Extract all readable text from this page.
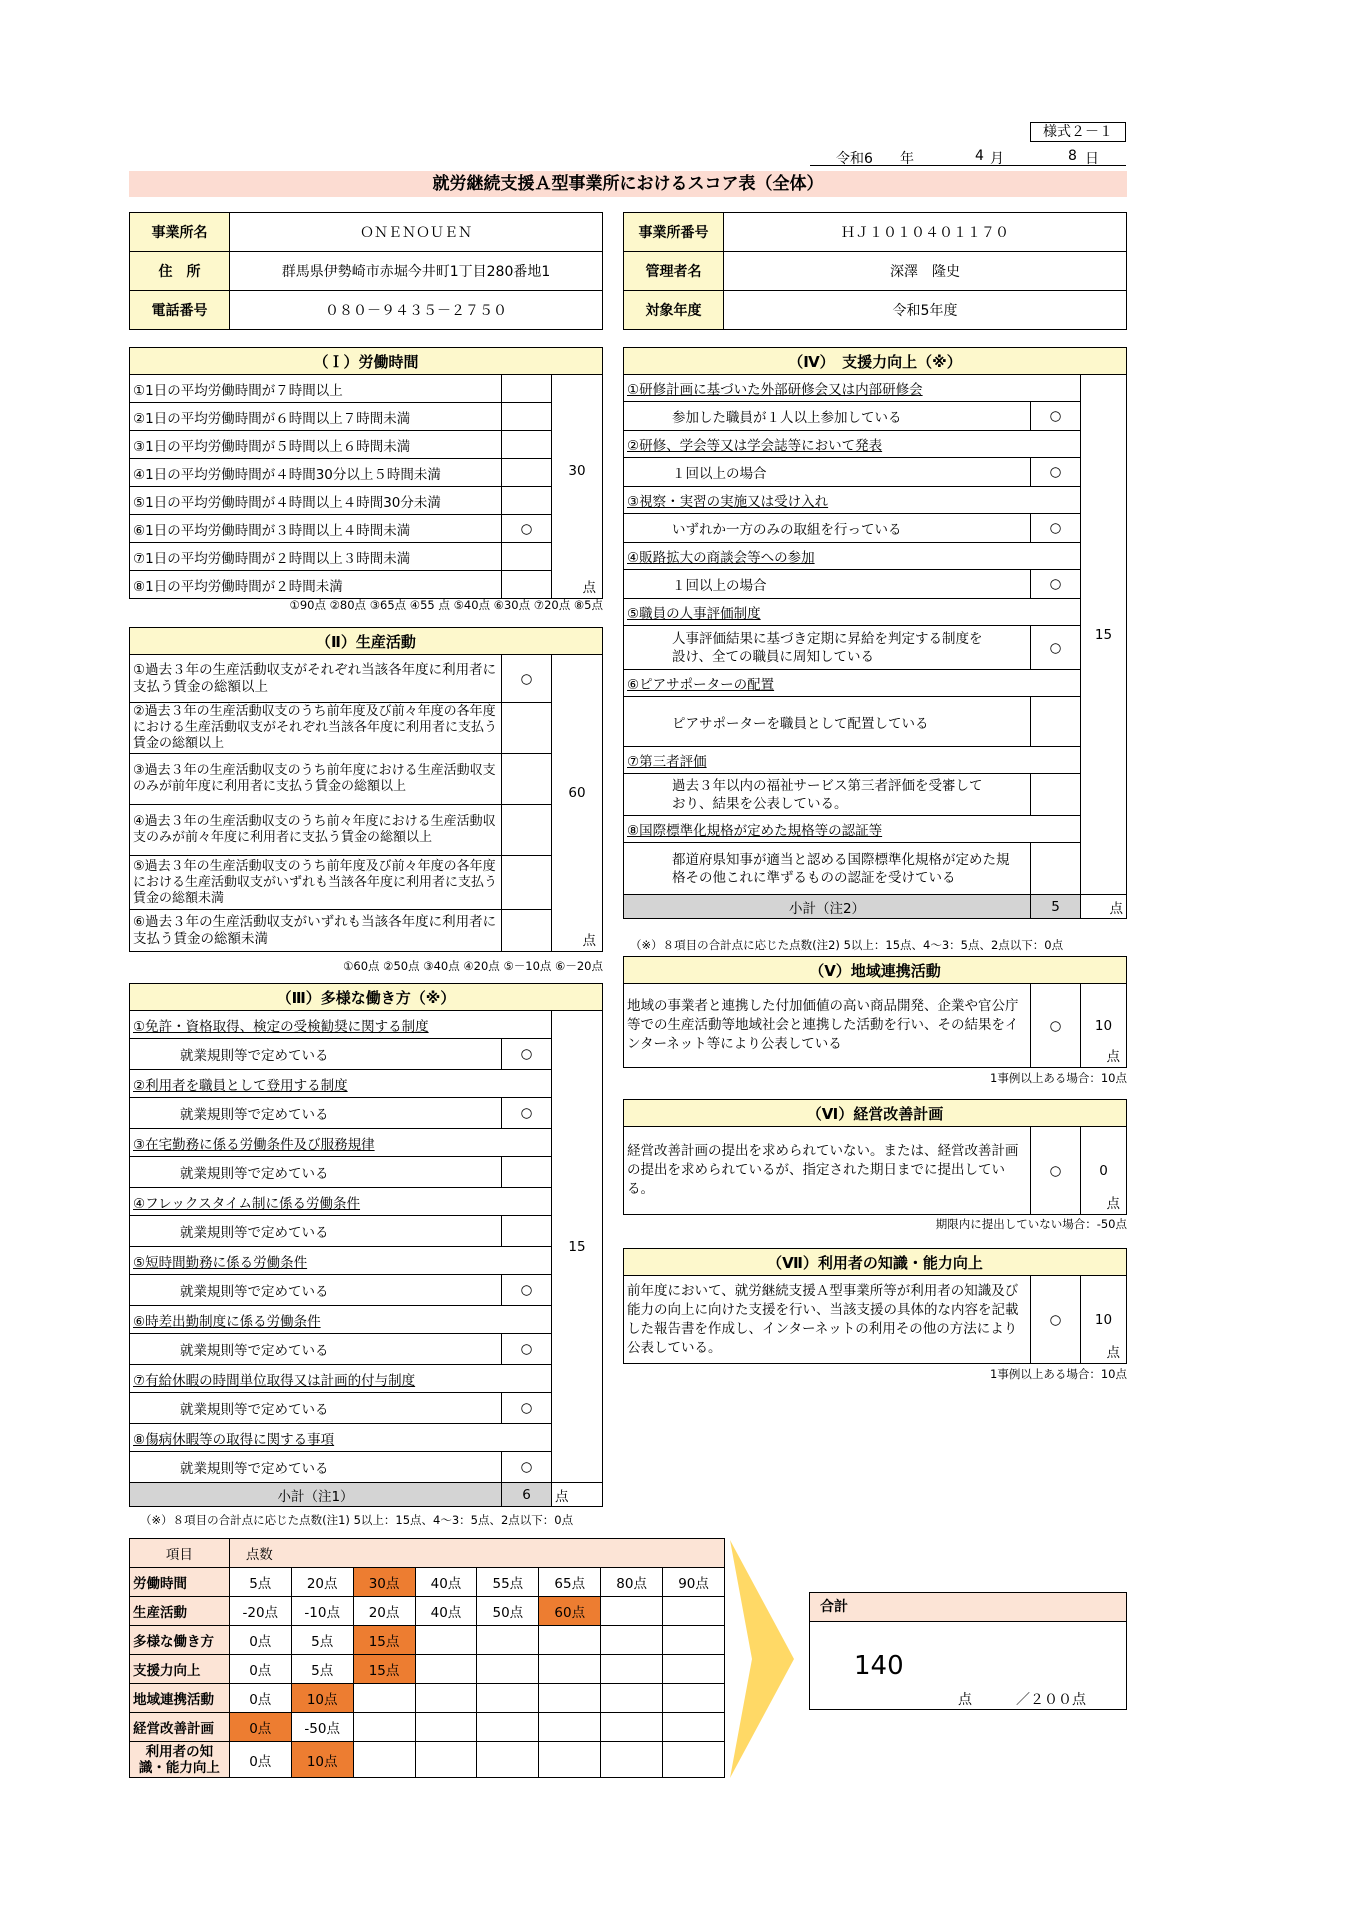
様式２－１
令和6 年	4 月	8 日
就労継続支援Ａ型事業所におけるスコア表（全体）
事業所名	ＯＮＥＮＯＵＥＮ
住　所	群馬県伊勢崎市赤堀今井町1丁目280番地1
電話番号	０８０－９４３５－２７５０
事業所番号	ＨＪ１０１０４０１１７０
管理者名	深澤　隆史
対象年度	令和5年度
（Ｉ）労働時間		
①1日の平均労働時間が７時間以上		30
点

②1日の平均労働時間が６時間以上７時間未満		
③1日の平均労働時間が５時間以上６時間未満		
④1日の平均労働時間が４時間30分以上５時間未満		
⑤1日の平均労働時間が４時間以上４時間30分未満		
⑥1日の平均労働時間が３時間以上４時間未満	○	
⑦1日の平均労働時間が２時間以上３時間未満		
⑧1日の平均労働時間が２時間未満		
①90点 ②80点 ③65点 ④55 点 ⑤40点 ⑥30点 ⑦20点 ⑧5点
（Ⅱ）生産活動		
①過去３年の生産活動収支がそれぞれ当該各年度に利用者に支払う賃金の総額以上	○	60
点

②過去３年の生産活動収支のうち前年度及び前々年度の各年度における生産活動収支がそれぞれ当該各年度に利用者に支払う賃金の総額以上		
③過去３年の生産活動収支のうち前年度における生産活動収支のみが前年度に利用者に支払う賃金の総額以上		
④過去３年の生産活動収支のうち前々年度における生産活動収支のみが前々年度に利用者に支払う賃金の総額以上		
⑤過去３年の生産活動収支のうち前年度及び前々年度の各年度における生産活動収支がいずれも当該各年度に利用者に支払う賃金の総額未満		
⑥過去３年の生産活動収支がいずれも当該各年度に利用者に支払う賃金の総額未満		
①60点 ②50点 ③40点 ④20点 ⑤－10点 ⑥－20点
（Ⅲ）多様な働き方（※）		
①免許・資格取得、検定の受検勧奨に関する制度		15
就業規則等で定めている	○	
②利用者を職員として登用する制度		
就業規則等で定めている	○	
③在宅勤務に係る労働条件及び服務規律		
就業規則等で定めている		
④フレックスタイム制に係る労働条件		
就業規則等で定めている		
⑤短時間勤務に係る労働条件		
就業規則等で定めている	○	
⑥時差出勤制度に係る労働条件		
就業規則等で定めている	○	
⑦有給休暇の時間単位取得又は計画的付与制度		
就業規則等で定めている	○	
⑧傷病休暇等の取得に関する事項		
就業規則等で定めている	○	
小計（注1）	6	点
（※）８項目の合計点に応じた点数(注1) 5以上：15点、4～3：5点、2点以下：0点
（Ⅳ）　支援力向上（※）		
①研修計画に基づいた外部研修会又は内部研修会		15
参加した職員が１人以上参加している	○	
②研修、学会等又は学会誌等において発表		
１回以上の場合	○	
③視察・実習の実施又は受け入れ		
いずれか一方のみの取組を行っている	○	
④販路拡大の商談会等への参加		
１回以上の場合	○	
⑤職員の人事評価制度		
人事評価結果に基づき定期に昇給を判定する制度を設け、全ての職員に周知している	○	
⑥ピアサポーターの配置		
ピアサポーターを職員として配置している		
⑦第三者評価		
過去３年以内の福祉サービス第三者評価を受審しており、結果を公表している。		
⑧国際標準化規格が定めた規格等の認証等		
都道府県知事が適当と認める国際標準化規格が定めた規格その他これに準ずるものの認証を受けている		
小計（注2）	5	点
（※）８項目の合計点に応じた点数(注2) 5以上：15点、4～3：5点、2点以下：0点
（Ⅴ）地域連携活動
地域の事業者と連携した付加価値の高い商品開発、企業や官公庁等での生産活動等地域社会と連携した活動を行い、その結果をインターネット等により公表している	○	10
点
1事例以上ある場合：10点
（Ⅵ）経営改善計画
経営改善計画の提出を求められていない。または、経営改善計画の提出を求められているが、指定された期日までに提出している。	○	0
点
期限内に提出していない場合：-50点
（Ⅶ）利用者の知識・能力向上
前年度において、就労継続支援Ａ型事業所等が利用者の知識及び能力の向上に向けた支援を行い、当該支援の具体的な内容を記載した報告書を作成し、インターネットの利用その他の方法により公表している。	○	10
点
1事例以上ある場合：10点
項目	点数							
労働時間	5点	20点	30点	40点	55点	65点	80点	90点
生産活動	-20点	-10点	20点	40点	50点	60点		
多様な働き方	0点	5点	15点					
支援力向上	0点	5点	15点					
地域連携活動	0点	10点						
経営改善計画	0点	-50点						
利用者の知識・能力向上	0点	10点						
合計
140
点	／２００点
